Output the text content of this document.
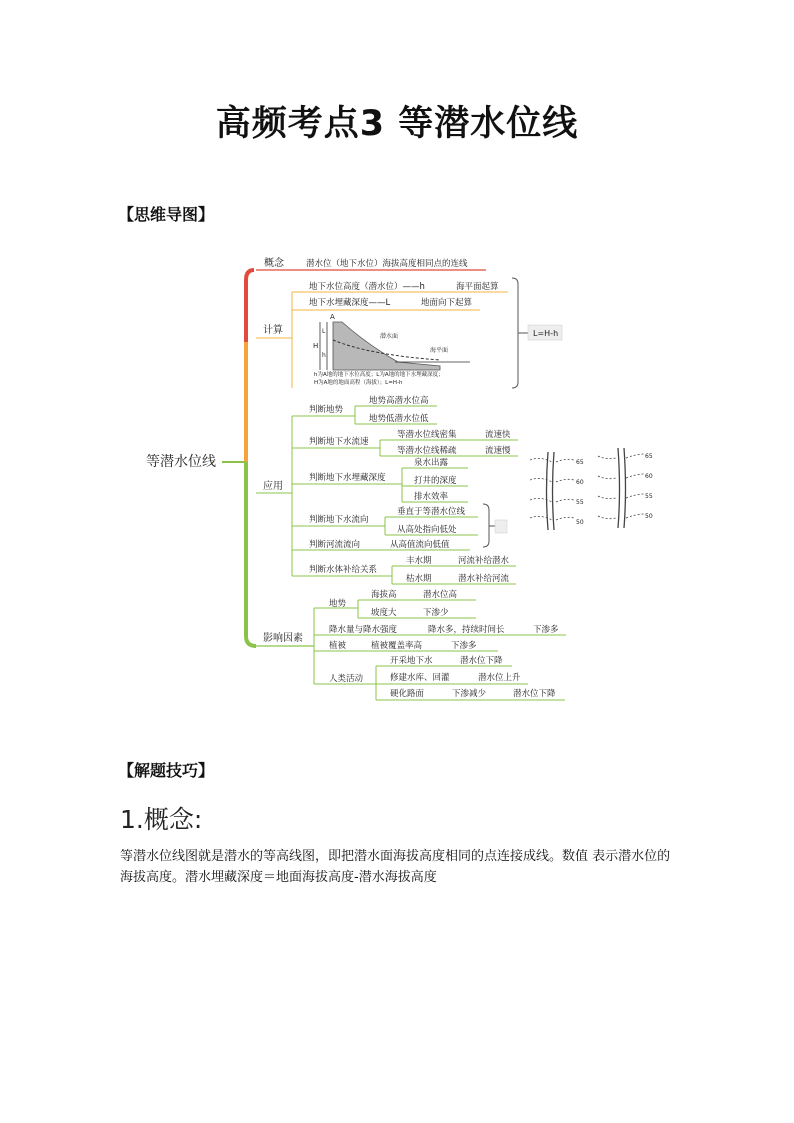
高频考点3 等潜水位线
【思维导图】
等潜水位线
概念	潜水位（地下水位）海拔高度相同点的连线
计算
地下水位高度（潜水位）——h	海平面起算
地下水埋藏深度——L	地面向下起算
L=H-h
A
H
L
h
潜水面
海平面
h为A地的地下水位高度；L为A地的地下水埋藏深度；
H为A地的地面高程（海拔）；L=H-h
应用
判断地势
地势高潜水位高
地势低潜水位低
判断地下水流速
等潜水位线密集	流速快
等潜水位线稀疏	流速慢
判断地下水埋藏深度
泉水出露
打井的深度
排水效率
判断地下水流向
垂直于等潜水位线
从高处指向低处
判断河流流向	从高值流向低值
判断水体补给关系
丰水期	河流补给潜水
枯水期	潜水补给河流
65
60
55
50
65
60
55
50
影响因素
地势
海拔高	潜水位高
坡度大	下渗少
降水量与降水强度	降水多，持续时间长	下渗多
植被	植被覆盖率高	下渗多
人类活动
开采地下水	潜水位下降
修建水库、回灌	潜水位上升
硬化路面	下渗减少	潜水位下降
【解题技巧】
1.概念:
等潜水位线图就是潜水的等高线图，即把潜水面海拔高度相同的点连接成线。数值 表示潜水位的海拔高度。潜水埋藏深度＝地面海拔高度-潜水海拔高度
